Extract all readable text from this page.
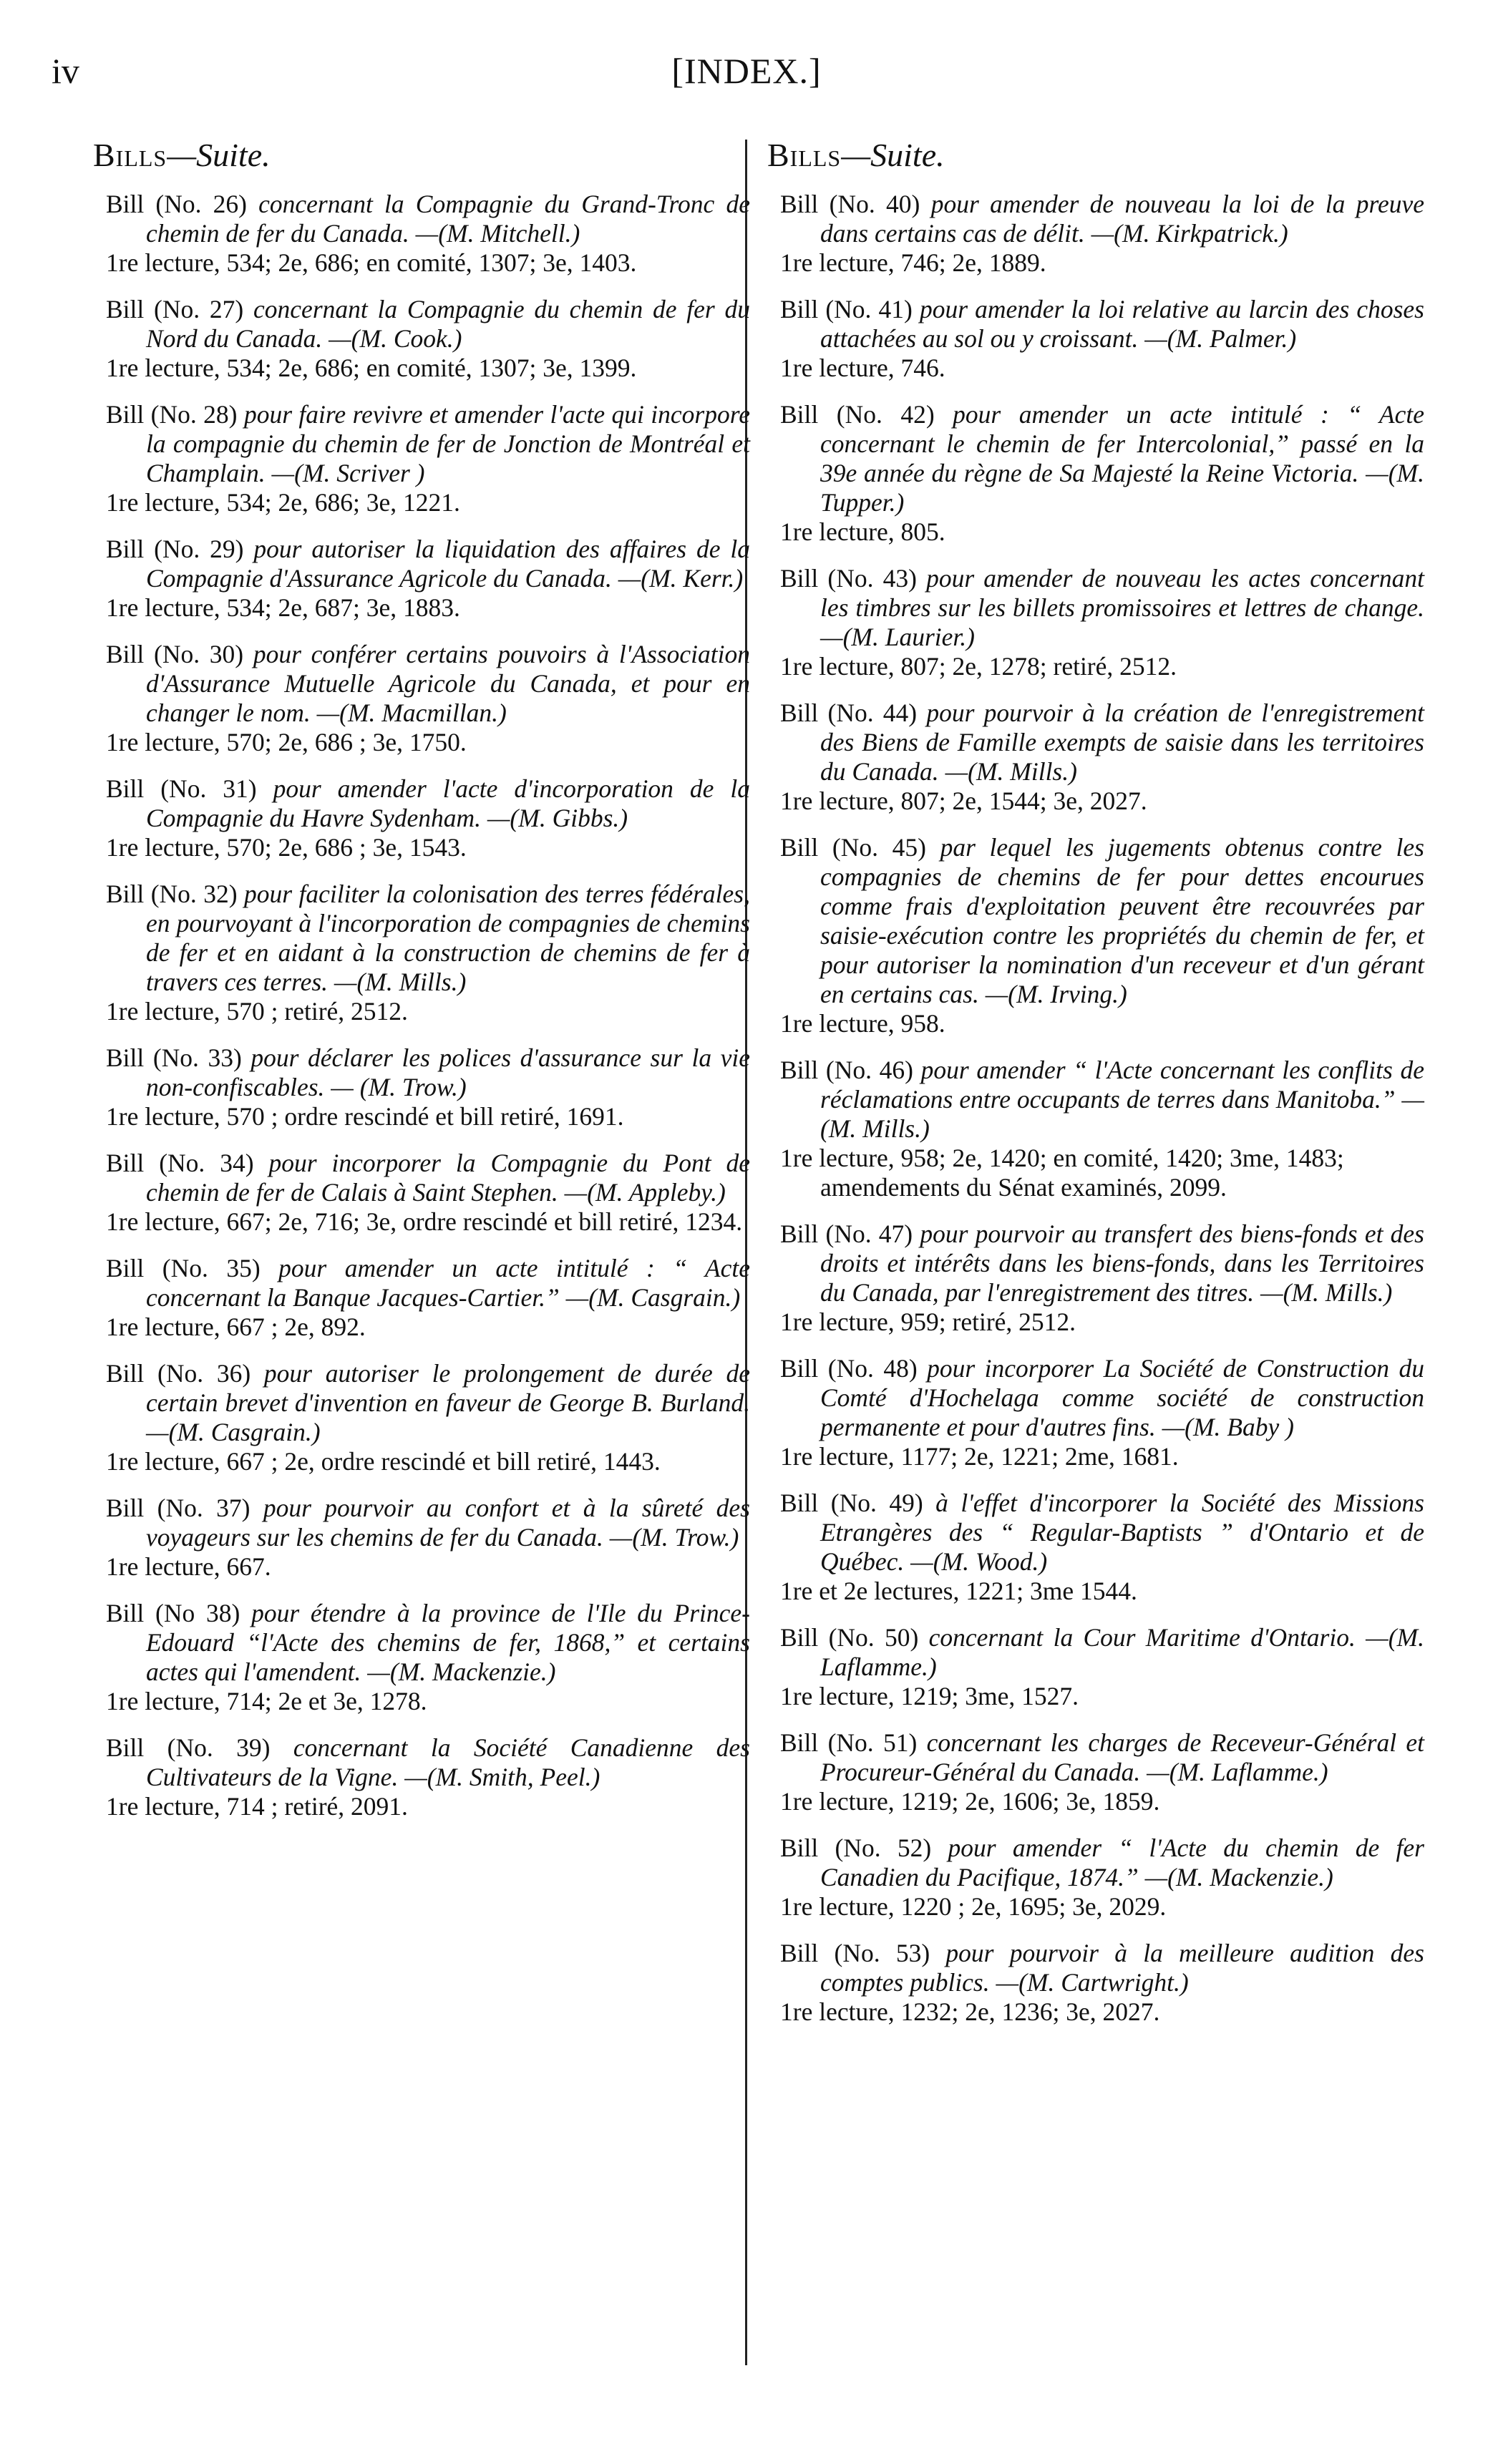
iv	[INDEX.]
Bills—Suite.
Bill (No. 26) concernant la Compagnie du Grand-Tronc de chemin de fer du Canada. —(M. Mitchell.)
1re lecture, 534; 2e, 686; en comité, 1307; 3e, 1403.
Bill (No. 27) concernant la Compagnie du chemin de fer du Nord du Canada. —(M. Cook.)
1re lecture, 534; 2e, 686; en comité, 1307; 3e, 1399.
Bill (No. 28) pour faire revivre et amender l'acte qui incorpore la compagnie du chemin de fer de Jonction de Montréal et Champlain. —(M. Scriver )
1re lecture, 534; 2e, 686; 3e, 1221.
Bill (No. 29) pour autoriser la liquidation des affaires de la Compagnie d'Assurance Agricole du Canada. —(M. Kerr.)
1re lecture, 534; 2e, 687; 3e, 1883.
Bill (No. 30) pour conférer certains pouvoirs à l'Association d'Assurance Mutuelle Agricole du Canada, et pour en changer le nom. —(M. Macmillan.)
1re lecture, 570; 2e, 686 ; 3e, 1750.
Bill (No. 31) pour amender l'acte d'incorporation de la Compagnie du Havre Sydenham. —(M. Gibbs.)
1re lecture, 570; 2e, 686 ; 3e, 1543.
Bill (No. 32) pour faciliter la colonisation des terres fédérales, en pourvoyant à l'incorporation de compagnies de chemins de fer et en aidant à la construction de chemins de fer à travers ces terres. —(M. Mills.)
1re lecture, 570 ; retiré, 2512.
Bill (No. 33) pour déclarer les polices d'assurance sur la vie non-confiscables. — (M. Trow.)
1re lecture, 570 ; ordre rescindé et bill retiré, 1691.
Bill (No. 34) pour incorporer la Compagnie du Pont de chemin de fer de Calais à Saint Stephen. —(M. Appleby.)
1re lecture, 667; 2e, 716; 3e, ordre rescindé et bill retiré, 1234.
Bill (No. 35) pour amender un acte intitulé : “ Acte concernant la Banque Jacques-Cartier.” —(M. Casgrain.)
1re lecture, 667 ; 2e, 892.
Bill (No. 36) pour autoriser le prolongement de durée de certain brevet d'invention en faveur de George B. Burland. —(M. Casgrain.)
1re lecture, 667 ; 2e, ordre rescindé et bill retiré, 1443.
Bill (No. 37) pour pourvoir au confort et à la sûreté des voyageurs sur les chemins de fer du Canada. —(M. Trow.)
1re lecture, 667.
Bill (No 38) pour étendre à la province de l'Ile du Prince-Edouard “l'Acte des chemins de fer, 1868,” et certains actes qui l'amendent. —(M. Mackenzie.)
1re lecture, 714; 2e et 3e, 1278.
Bill (No. 39) concernant la Société Canadienne des Cultivateurs de la Vigne. —(M. Smith, Peel.)
1re lecture, 714 ; retiré, 2091.
Bills—Suite.
Bill (No. 40) pour amender de nouveau la loi de la preuve dans certains cas de délit. —(M. Kirkpatrick.)
1re lecture, 746; 2e, 1889.
Bill (No. 41) pour amender la loi relative au larcin des choses attachées au sol ou y croissant. —(M. Palmer.)
1re lecture, 746.
Bill (No. 42) pour amender un acte intitulé : “ Acte concernant le chemin de fer Intercolonial,” passé en la 39e année du règne de Sa Majesté la Reine Victoria. —(M. Tupper.)
1re lecture, 805.
Bill (No. 43) pour amender de nouveau les actes concernant les timbres sur les billets promissoires et lettres de change. —(M. Laurier.)
1re lecture, 807; 2e, 1278; retiré, 2512.
Bill (No. 44) pour pourvoir à la création de l'enregistrement des Biens de Famille exempts de saisie dans les territoires du Canada. —(M. Mills.)
1re lecture, 807; 2e, 1544; 3e, 2027.
Bill (No. 45) par lequel les jugements obtenus contre les compagnies de chemins de fer pour dettes encourues comme frais d'exploitation peuvent être recouvrées par saisie-exécution contre les propriétés du chemin de fer, et pour autoriser la nomination d'un receveur et d'un gérant en certains cas. —(M. Irving.)
1re lecture, 958.
Bill (No. 46) pour amender “ l'Acte concernant les conflits de réclamations entre occupants de terres dans Manitoba.” —(M. Mills.)
1re lecture, 958; 2e, 1420; en comité, 1420; 3me, 1483; amendements du Sénat examinés, 2099.
Bill (No. 47) pour pourvoir au transfert des biens-fonds et des droits et intérêts dans les biens-fonds, dans les Territoires du Canada, par l'enregistrement des titres. —(M. Mills.)
1re lecture, 959; retiré, 2512.
Bill (No. 48) pour incorporer La Société de Construction du Comté d'Hochelaga comme société de construction permanente et pour d'autres fins. —(M. Baby )
1re lecture, 1177; 2e, 1221; 2me, 1681.
Bill (No. 49) à l'effet d'incorporer la Société des Missions Etrangères des “ Regular-Baptists ” d'Ontario et de Québec. —(M. Wood.)
1re et 2e lectures, 1221; 3me 1544.
Bill (No. 50) concernant la Cour Maritime d'Ontario. —(M. Laflamme.)
1re lecture, 1219; 3me, 1527.
Bill (No. 51) concernant les charges de Receveur-Général et Procureur-Général du Canada. —(M. Laflamme.)
1re lecture, 1219; 2e, 1606; 3e, 1859.
Bill (No. 52) pour amender “ l'Acte du chemin de fer Canadien du Pacifique, 1874.” —(M. Mackenzie.)
1re lecture, 1220 ; 2e, 1695; 3e, 2029.
Bill (No. 53) pour pourvoir à la meilleure audition des comptes publics. —(M. Cartwright.)
1re lecture, 1232; 2e, 1236; 3e, 2027.
